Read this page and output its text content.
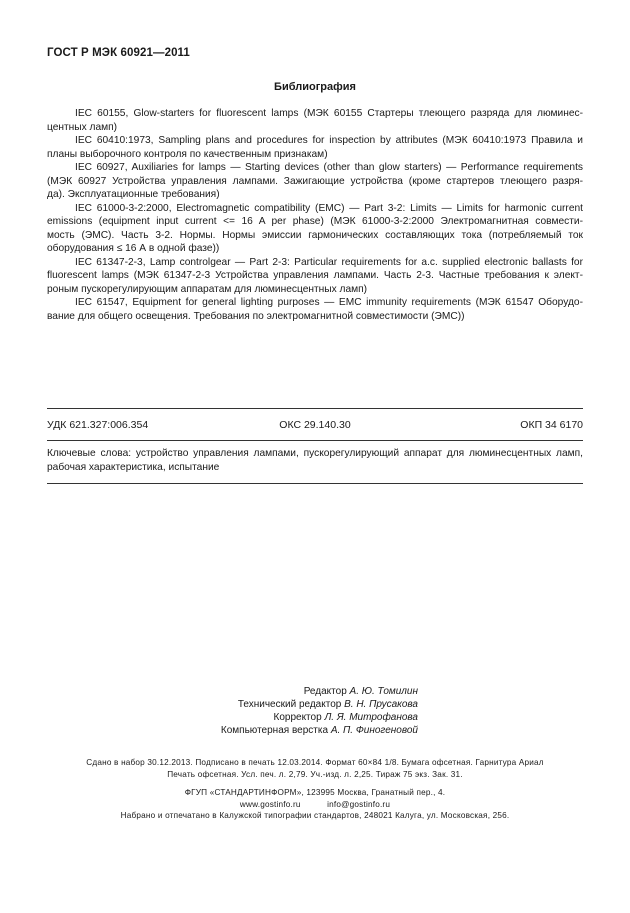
ГОСТ Р МЭК 60921—2011
Библиография
IEC 60155, Glow-starters for fluorescent lamps (МЭК 60155 Стартеры тлеющего разряда для люминес-
центных ламп)
IEC 60410:1973, Sampling plans and procedures for inspection by attributes (МЭК 60410:1973 Правила и
планы выборочного контроля по качественным признакам)
IEC 60927, Auxiliaries for lamps — Starting devices (other than glow starters) — Performance requirements
(МЭК 60927 Устройства управления лампами. Зажигающие устройства (кроме стартеров тлеющего разря-
да). Эксплуатационные требования)
IEC 61000-3-2:2000, Electromagnetic compatibility (EMC) — Part 3-2: Limits — Limits for harmonic current
emissions (equipment input current <= 16 A per phase) (МЭК 61000-3-2:2000 Электромагнитная совмести-
мость (ЭМС). Часть 3-2. Нормы. Нормы эмиссии гармонических составляющих тока (потребляемый ток
оборудования ≤ 16 А в одной фазе))
IEC 61347-2-3, Lamp controlgear — Part 2-3: Particular requirements for a.c. supplied electronic ballasts for
fluorescent lamps (МЭК 61347-2-3 Устройства управления лампами. Часть 2-3. Частные требования к элект-
роным пускорегулирующим аппаратам для люминесцентных ламп)
IEC 61547, Equipment for general lighting purposes — EMC immunity requirements (МЭК 61547 Оборудо-
вание для общего освещения. Требования по электромагнитной совместимости (ЭМС))
УДК 621.327:006.354	ОКС 29.140.30	ОКП 34 6170
Ключевые слова: устройство управления лампами, пускорегулирующий аппарат для люминесцентных ламп,
рабочая характеристика, испытание
Редактор А. Ю. Томилин
Технический редактор В. Н. Прусакова
Корректор Л. Я. Митрофанова
Компьютерная верстка А. П. Финогеновой
Сдано в набор 30.12.2013. Подписано в печать 12.03.2014. Формат 60×84 1/8. Бумага офсетная. Гарнитура Ариал
Печать офсетная. Усл. печ. л. 2,79. Уч.-изд. л. 2,25. Тираж 75 экз. Зак. 31.
ФГУП «СТАНДАРТИНФОРМ», 123995 Москва, Гранатный пер., 4.
www.gostinfo.ru	info@gostinfo.ru
Набрано и отпечатано в Калужской типографии стандартов, 248021 Калуга, ул. Московская, 256.
